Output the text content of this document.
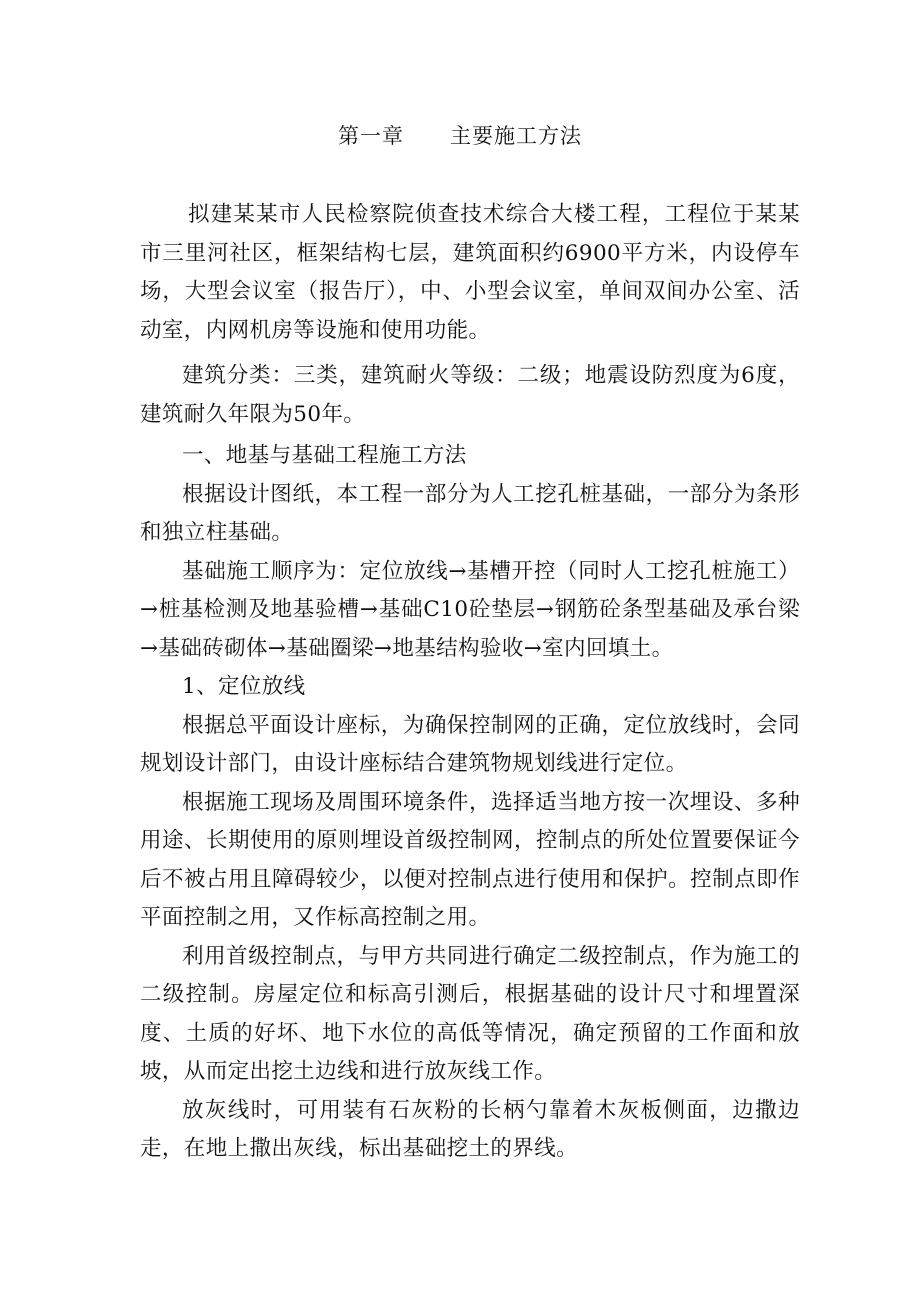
第一章      主要施工方法

拟建某某市人民检察院侦查技术综合大楼工程，工程位于某某市三里河社区，框架结构七层，建筑面积约6900平方米，内设停车场，大型会议室（报告厅），中、小型会议室，单间双间办公室、活动室，内网机房等设施和使用功能。

建筑分类：三类，建筑耐火等级：二级；地震设防烈度为6度，建筑耐久年限为50年。

一、地基与基础工程施工方法

根据设计图纸，本工程一部分为人工挖孔桩基础，一部分为条形和独立柱基础。

基础施工顺序为：定位放线→基槽开控（同时人工挖孔桩施工）→桩基检测及地基验槽→基础C10砼垫层→钢筋砼条型基础及承台梁→基础砖砌体→基础圈梁→地基结构验收→室内回填土。

1、定位放线

根据总平面设计座标，为确保控制网的正确，定位放线时，会同规划设计部门，由设计座标结合建筑物规划线进行定位。

根据施工现场及周围环境条件，选择适当地方按一次埋设、多种用途、长期使用的原则埋设首级控制网，控制点的所处位置要保证今后不被占用且障碍较少，以便对控制点进行使用和保护。控制点即作平面控制之用，又作标高控制之用。

利用首级控制点，与甲方共同进行确定二级控制点，作为施工的二级控制。房屋定位和标高引测后，根据基础的设计尺寸和埋置深度、土质的好坏、地下水位的高低等情况，确定预留的工作面和放坡，从而定出挖土边线和进行放灰线工作。

放灰线时，可用装有石灰粉的长柄勺靠着木灰板侧面，边撒边走，在地上撒出灰线，标出基础挖土的界线。
